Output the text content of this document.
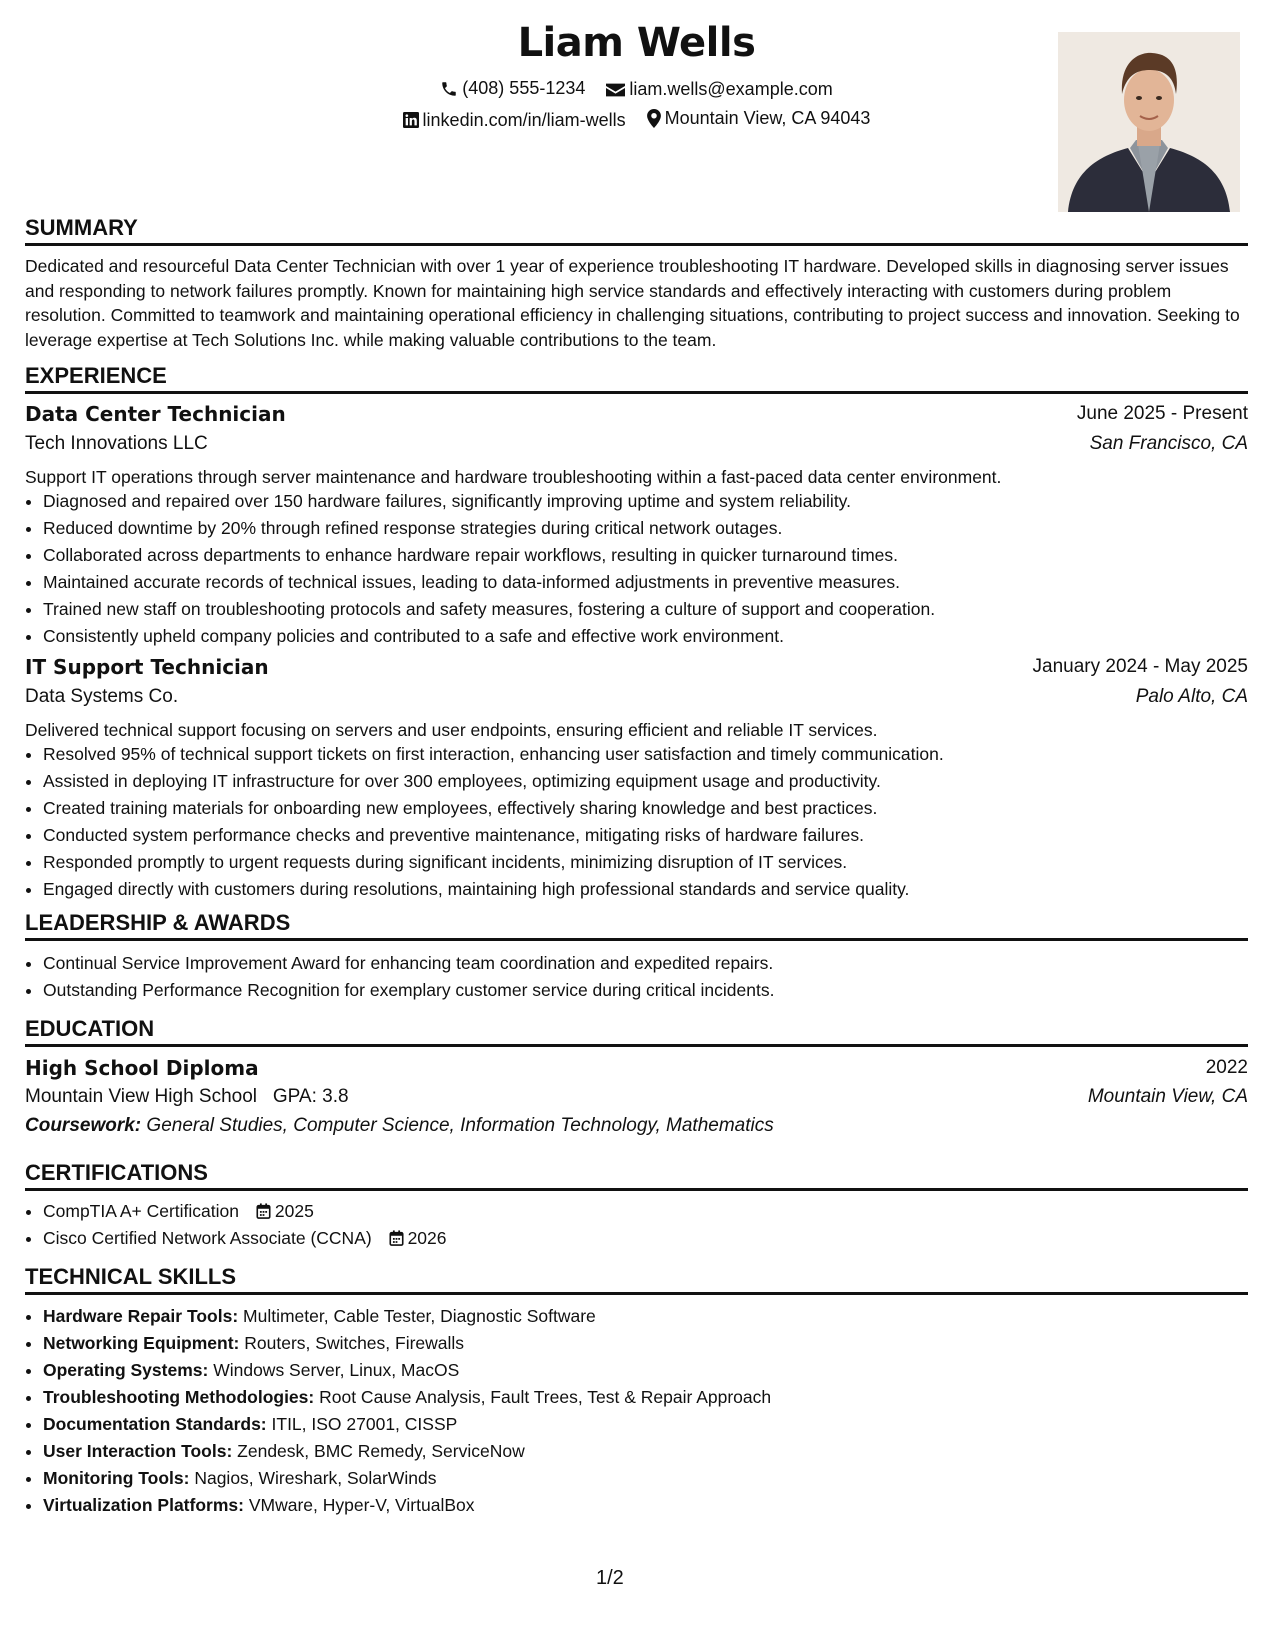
Liam Wells
(408) 555-1234
liam.wells@example.com
linkedin.com/in/liam-wells
Mountain View, CA 94043
SUMMARY
Dedicated and resourceful Data Center Technician with over 1 year of experience troubleshooting IT hardware. Developed skills in diagnosing server issues and responding to network failures promptly. Known for maintaining high service standards and effectively interacting with customers during problem resolution. Committed to teamwork and maintaining operational efficiency in challenging situations, contributing to project success and innovation. Seeking to leverage expertise at Tech Solutions Inc. while making valuable contributions to the team.
EXPERIENCE
Data Center Technician	June 2025 - Present
Tech Innovations LLC	San Francisco, CA
Support IT operations through server maintenance and hardware troubleshooting within a fast-paced data center environment.
• Diagnosed and repaired over 150 hardware failures, significantly improving uptime and system reliability.
• Reduced downtime by 20% through refined response strategies during critical network outages.
• Collaborated across departments to enhance hardware repair workflows, resulting in quicker turnaround times.
• Maintained accurate records of technical issues, leading to data-informed adjustments in preventive measures.
• Trained new staff on troubleshooting protocols and safety measures, fostering a culture of support and cooperation.
• Consistently upheld company policies and contributed to a safe and effective work environment.
IT Support Technician	January 2024 - May 2025
Data Systems Co.	Palo Alto, CA
Delivered technical support focusing on servers and user endpoints, ensuring efficient and reliable IT services.
• Resolved 95% of technical support tickets on first interaction, enhancing user satisfaction and timely communication.
• Assisted in deploying IT infrastructure for over 300 employees, optimizing equipment usage and productivity.
• Created training materials for onboarding new employees, effectively sharing knowledge and best practices.
• Conducted system performance checks and preventive maintenance, mitigating risks of hardware failures.
• Responded promptly to urgent requests during significant incidents, minimizing disruption of IT services.
• Engaged directly with customers during resolutions, maintaining high professional standards and service quality.
LEADERSHIP & AWARDS
• Continual Service Improvement Award for enhancing team coordination and expedited repairs.
• Outstanding Performance Recognition for exemplary customer service during critical incidents.
EDUCATION
High School Diploma	2022
Mountain View High School GPA: 3.8	Mountain View, CA
Coursework: General Studies, Computer Science, Information Technology, Mathematics
CERTIFICATIONS
• CompTIA A+ Certification 2025
• Cisco Certified Network Associate (CCNA) 2026
TECHNICAL SKILLS
• Hardware Repair Tools: Multimeter, Cable Tester, Diagnostic Software
• Networking Equipment: Routers, Switches, Firewalls
• Operating Systems: Windows Server, Linux, MacOS
• Troubleshooting Methodologies: Root Cause Analysis, Fault Trees, Test & Repair Approach
• Documentation Standards: ITIL, ISO 27001, CISSP
• User Interaction Tools: Zendesk, BMC Remedy, ServiceNow
• Monitoring Tools: Nagios, Wireshark, SolarWinds
• Virtualization Platforms: VMware, Hyper-V, VirtualBox
1/2
